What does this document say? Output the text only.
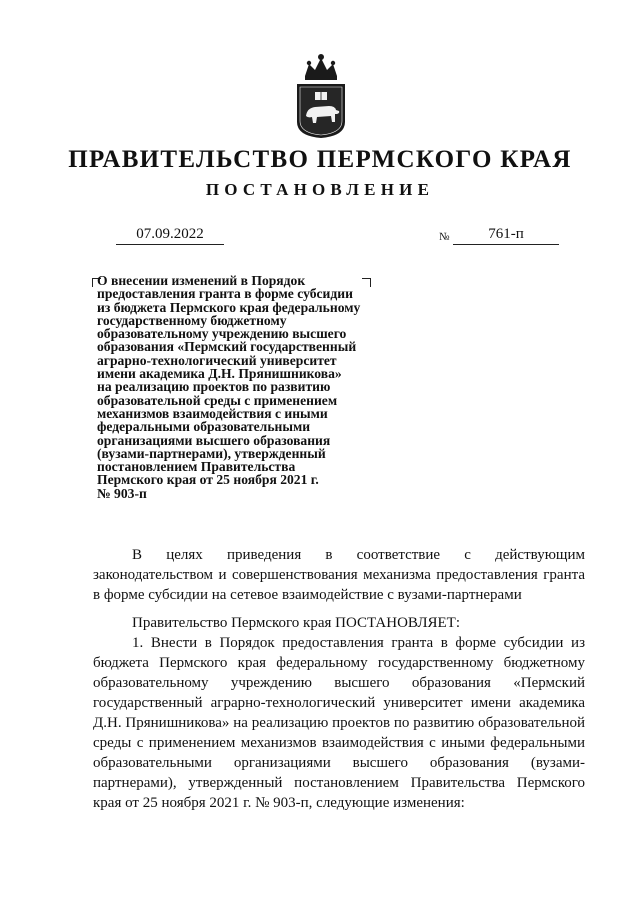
ПРАВИТЕЛЬСТВО ПЕРМСКОГО КРАЯ
ПОСТАНОВЛЕНИЕ
07.09.2022	№	761-п
О внесении изменений в Порядок
предоставления гранта в форме субсидии
из бюджета Пермского края федеральному
государственному бюджетному
образовательному учреждению высшего
образования «Пермский государственный
аграрно-технологический университет
имени академика Д.Н. Прянишникова»
на реализацию проектов по развитию
образовательной среды с применением
механизмов взаимодействия с иными
федеральными образовательными
организациями высшего образования
(вузами-партнерами), утвержденный
постановлением Правительства
Пермского края от 25 ноября 2021 г.
№ 903-п

В целях приведения в соответствие с действующим законодательством и совершенствования механизма предоставления гранта в форме субсидии на сетевое взаимодействие с вузами-партнерами

Правительство Пермского края ПОСТАНОВЛЯЕТ:

1. Внести в Порядок предоставления гранта в форме субсидии из бюджета Пермского края федеральному государственному бюджетному образовательному учреждению высшего образования «Пермский государственный аграрно-технологический университет имени академика Д.Н. Прянишникова» на реализацию проектов по развитию образовательной среды с применением механизмов взаимодействия с иными федеральными образовательными организациями высшего образования (вузами-партнерами), утвержденный постановлением Правительства Пермского края от 25 ноября 2021 г. № 903-п, следующие изменения:
